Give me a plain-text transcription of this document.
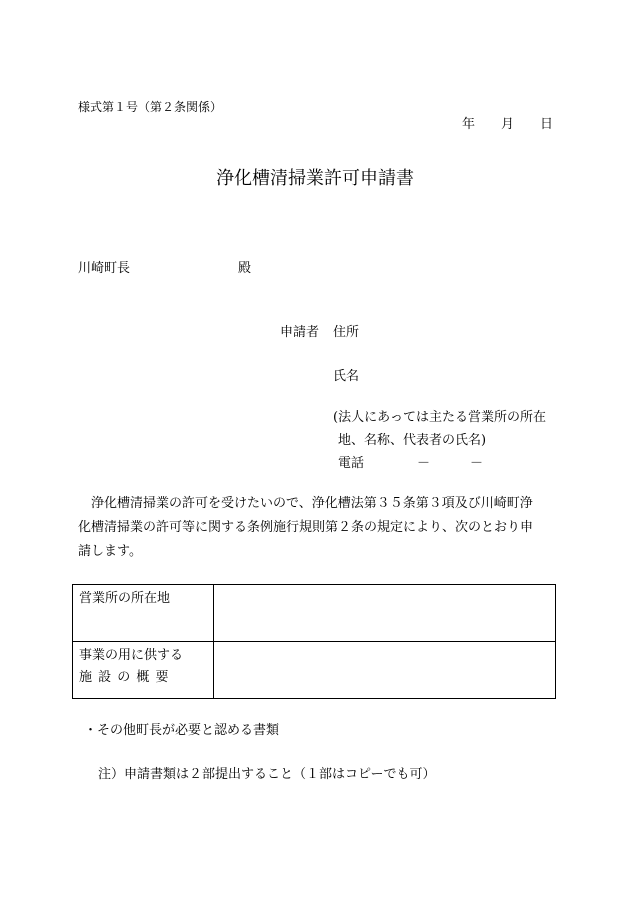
様式第１号（第２条関係）
年 月 日
浄化槽清掃業許可申請書
川崎町長	殿
申請者 住所
氏名
(法人にあっては主たる営業所の所在
地、名称、代表者の氏名)
電話	－	－
　浄化槽清掃業の許可を受けたいので、浄化槽法第３５条第３項及び川崎町浄
化槽清掃業の許可等に関する条例施行規則第２条の規定により、次のとおり申
請します。
営業所の所在地	

事業の用に供する
施 設 の 概 要	

・その他町長が必要と認める書類
注）申請書類は２部提出すること（１部はコピーでも可）
